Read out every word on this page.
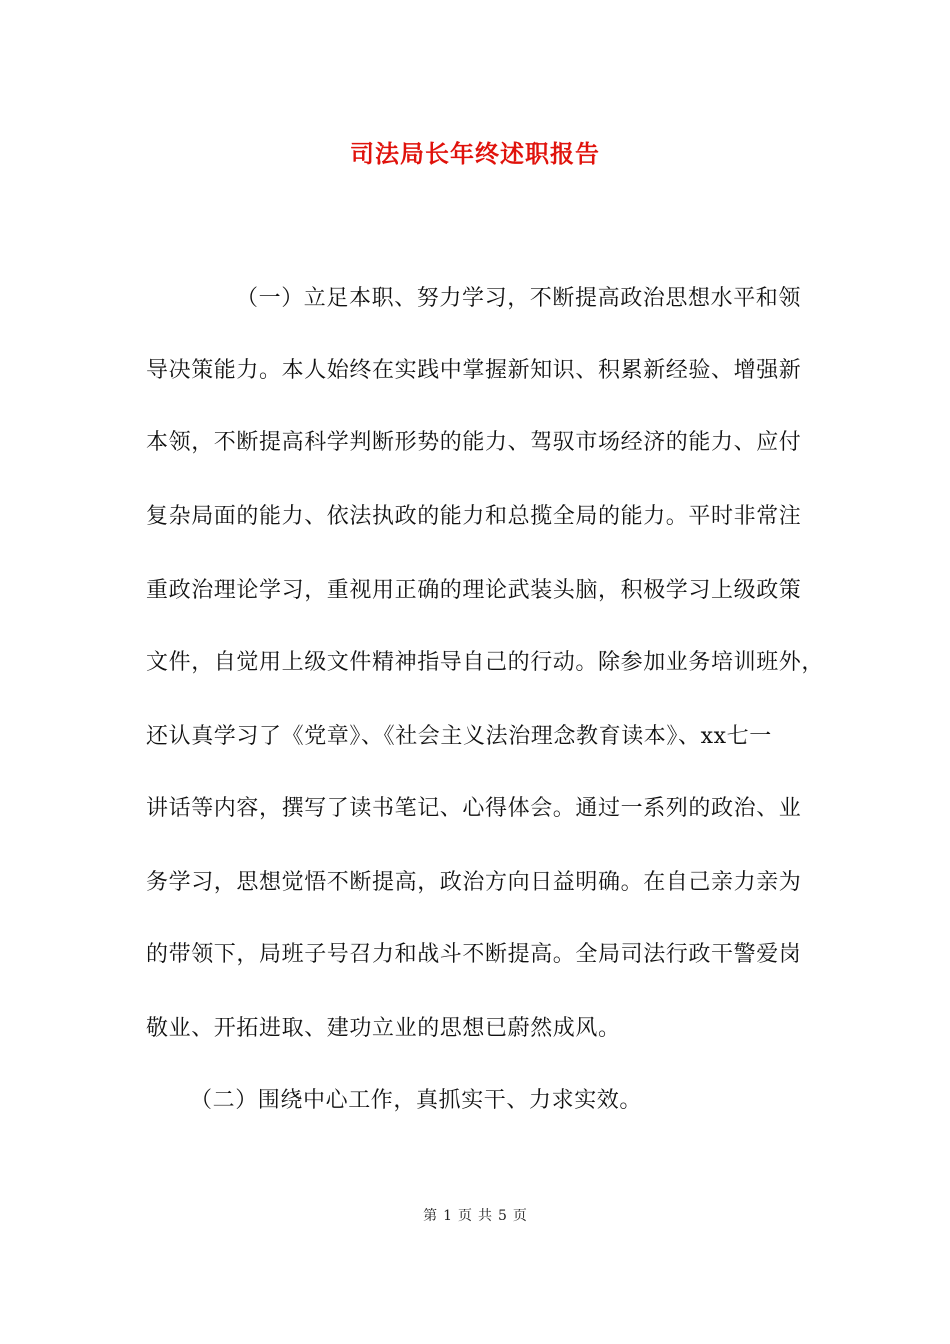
司法局长年终述职报告
（一）立足本职、努力学习，不断提高政治思想水平和领
导决策能力。本人始终在实践中掌握新知识、积累新经验、增强新
本领，不断提高科学判断形势的能力、驾驭市场经济的能力、应付
复杂局面的能力、依法执政的能力和总揽全局的能力。平时非常注
重政治理论学习，重视用正确的理论武装头脑，积极学习上级政策
文件，自觉用上级文件精神指导自己的行动。除参加业务培训班外，
还认真学习了《党章》、《社会主义法治理念教育读本》、xx七一
讲话等内容，撰写了读书笔记、心得体会。通过一系列的政治、业
务学习，思想觉悟不断提高，政治方向日益明确。在自己亲力亲为
的带领下，局班子号召力和战斗不断提高。全局司法行政干警爱岗
敬业、开拓进取、建功立业的思想已蔚然成风。
（二）围绕中心工作，真抓实干、力求实效。
第 1 页 共 5 页
